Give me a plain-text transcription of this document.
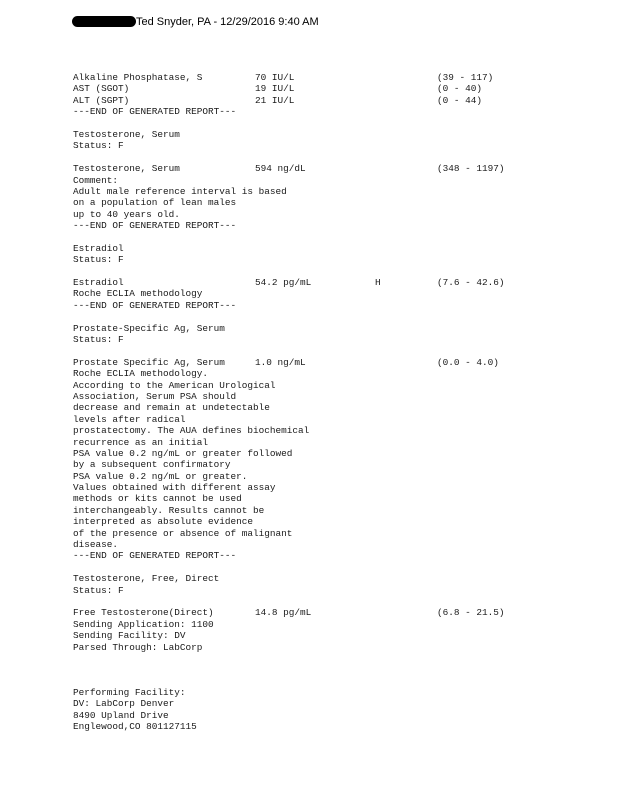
Ted Snyder, PA - 12/29/2016 9:40 AM
Alkaline Phosphatase, S	70 IU/L	(39 - 117)
AST (SGOT)	19 IU/L	(0 - 40)
ALT (SGPT)	21 IU/L	(0 - 44)
---END OF GENERATED REPORT---
Testosterone, Serum
Status: F
Testosterone, Serum	594 ng/dL	(348 - 1197)
Comment:
Adult male reference interval is based
on a population of lean males
up to 40 years old.
---END OF GENERATED REPORT---
Estradiol
Status: F
Estradiol	54.2 pg/mL	H	(7.6 - 42.6)
Roche ECLIA methodology
---END OF GENERATED REPORT---
Prostate-Specific Ag, Serum
Status: F
Prostate Specific Ag, Serum	1.0 ng/mL	(0.0 - 4.0)
Roche ECLIA methodology.
According to the American Urological
Association, Serum PSA should
decrease and remain at undetectable
levels after radical
prostatectomy. The AUA defines biochemical
recurrence as an initial
PSA value 0.2 ng/mL or greater followed
by a subsequent confirmatory
PSA value 0.2 ng/mL or greater.
Values obtained with different assay
methods or kits cannot be used
interchangeably. Results cannot be
interpreted as absolute evidence
of the presence or absence of malignant
disease.
---END OF GENERATED REPORT---
Testosterone, Free, Direct
Status: F
Free Testosterone(Direct)	14.8 pg/mL	(6.8 - 21.5)
Sending Application: 1100
Sending Facility: DV
Parsed Through: LabCorp
Performing Facility:
DV: LabCorp Denver
8490 Upland Drive
Englewood,CO 801127115
